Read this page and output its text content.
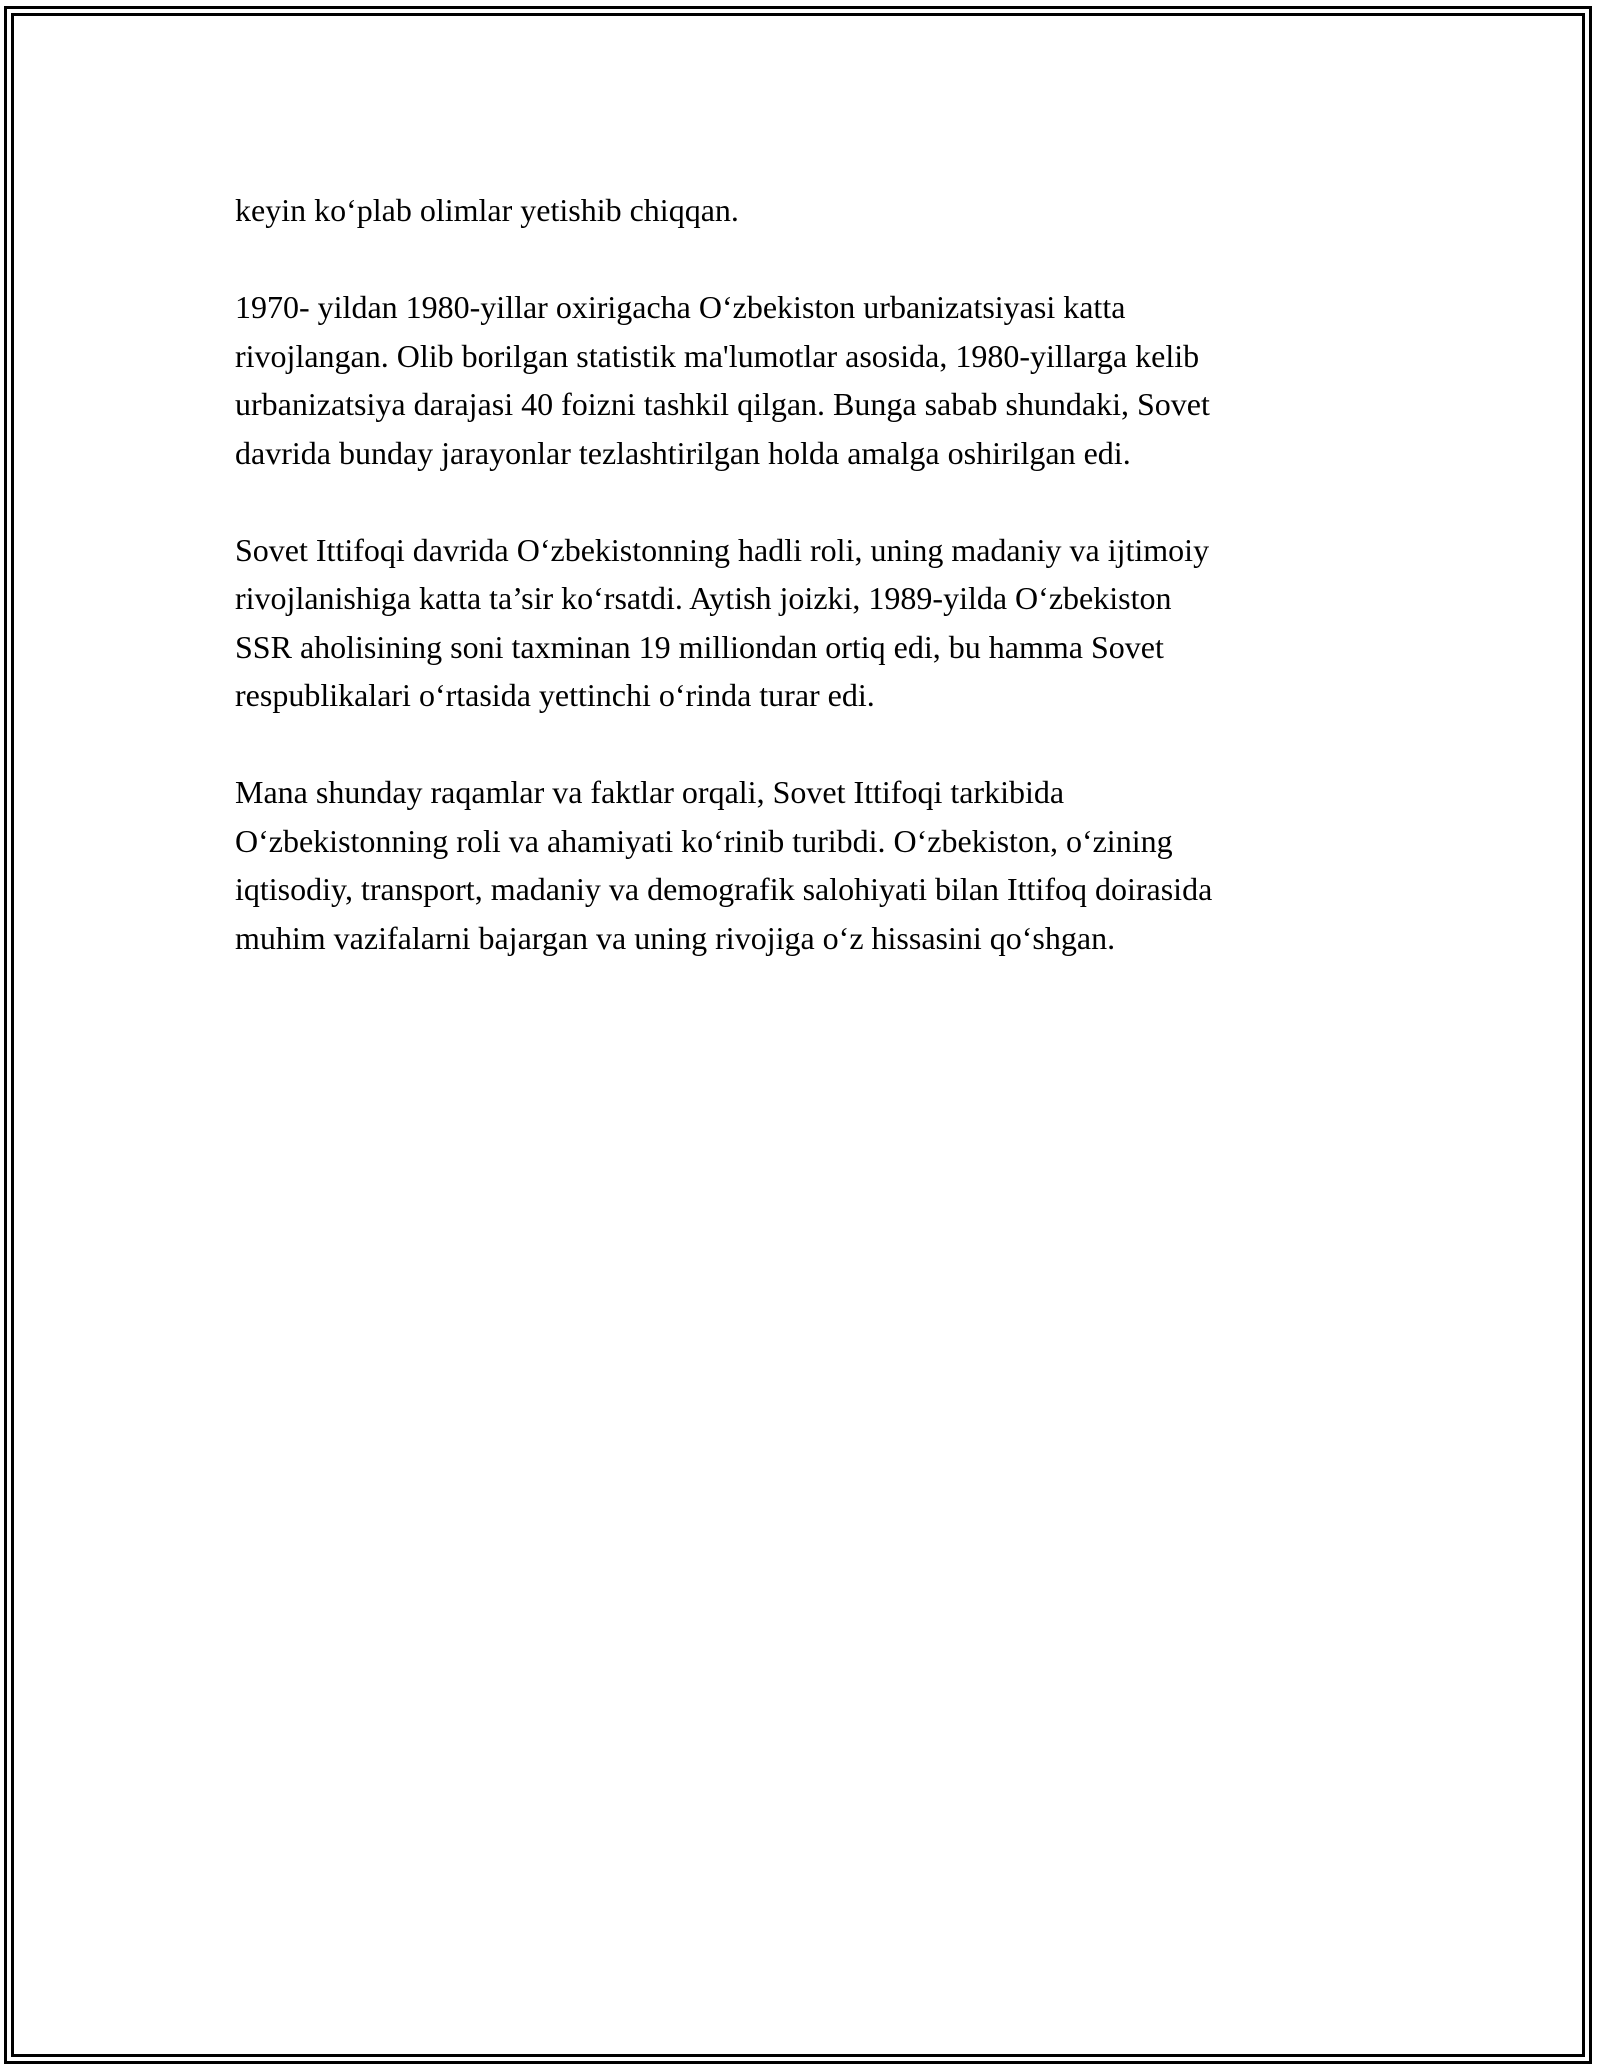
keyin ko‘plab olimlar yetishib chiqqan.

1970- yildan 1980-yillar oxirigacha O‘zbekiston urbanizatsiyasi katta
rivojlangan. Olib borilgan statistik ma'lumotlar asosida, 1980-yillarga kelib
urbanizatsiya darajasi 40 foizni tashkil qilgan. Bunga sabab shundaki, Sovet
davrida bunday jarayonlar tezlashtirilgan holda amalga oshirilgan edi.

Sovet Ittifoqi davrida O‘zbekistonning hadli roli, uning madaniy va ijtimoiy
rivojlanishiga katta ta’sir ko‘rsatdi. Aytish joizki, 1989-yilda O‘zbekiston
SSR aholisining soni taxminan 19 milliondan ortiq edi, bu hamma Sovet
respublikalari o‘rtasida yettinchi o‘rinda turar edi.

Mana shunday raqamlar va faktlar orqali, Sovet Ittifoqi tarkibida
O‘zbekistonning roli va ahamiyati ko‘rinib turibdi. O‘zbekiston, o‘zining
iqtisodiy, transport, madaniy va demografik salohiyati bilan Ittifoq doirasida
muhim vazifalarni bajargan va uning rivojiga o‘z hissasini qo‘shgan.
